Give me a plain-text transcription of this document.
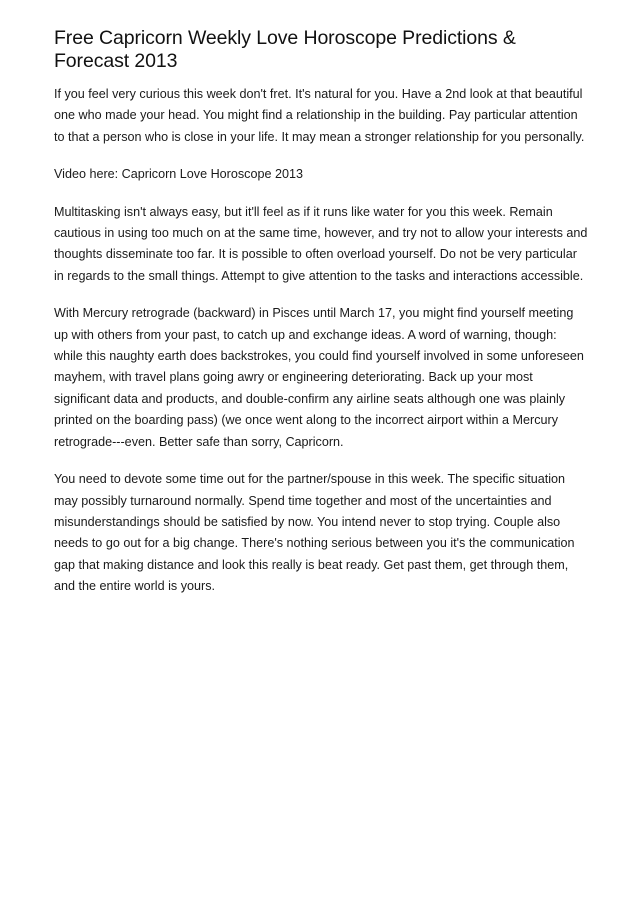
Free Capricorn Weekly Love Horoscope Predictions & Forecast 2013

If you feel very curious this week don't fret. It's natural for you. Have a 2nd look at that beautiful one who made your head. You might find a relationship in the building. Pay particular attention to that a person who is close in your life. It may mean a stronger relationship for you personally.

Video here: Capricorn Love Horoscope 2013

Multitasking isn't always easy, but it'll feel as if it runs like water for you this week. Remain cautious in using too much on at the same time, however, and try not to allow your interests and thoughts disseminate too far. It is possible to often overload yourself. Do not be very particular in regards to the small things. Attempt to give attention to the tasks and interactions accessible.

With Mercury retrograde (backward) in Pisces until March 17, you might find yourself meeting up with others from your past, to catch up and exchange ideas. A word of warning, though: while this naughty earth does backstrokes, you could find yourself involved in some unforeseen mayhem, with travel plans going awry or engineering deteriorating. Back up your most significant data and products, and double-confirm any airline seats although one was plainly printed on the boarding pass) (we once went along to the incorrect airport within a Mercury retrograde---even. Better safe than sorry, Capricorn.

You need to devote some time out for the partner/spouse in this week. The specific situation may possibly turnaround normally. Spend time together and most of the uncertainties and misunderstandings should be satisfied by now. You intend never to stop trying. Couple also needs to go out for a big change. There's nothing serious between you it's the communication gap that making distance and look this really is beat ready. Get past them, get through them, and the entire world is yours.
